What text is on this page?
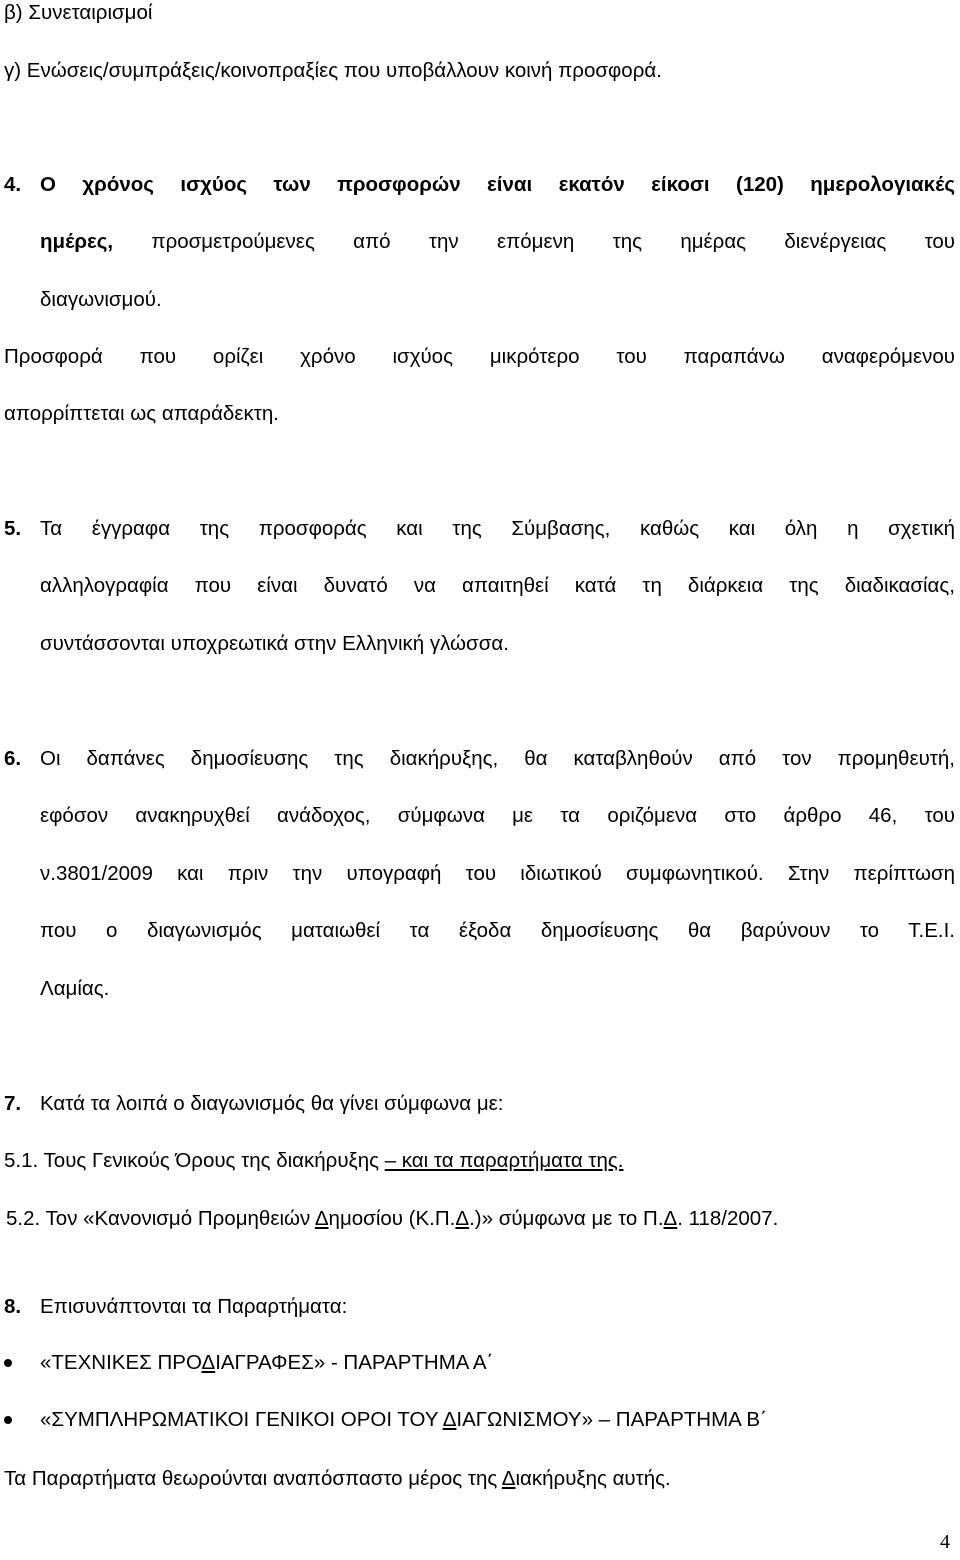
β) Συνεταιρισμοί
γ) Ενώσεις/συμπράξεις/κοινοπραξίες που υποβάλλουν κοινή προσφορά.
4. Ο χρόνος ισχύος των προσφορών είναι εκατόν είκοσι (120) ημερολογιακές
ημέρες, προσμετρούμενες από την επόμενη της ημέρας διενέργειας του
διαγωνισμού.
Προσφορά που ορίζει χρόνο ισχύος μικρότερο του παραπάνω αναφερόμενου
απορρίπτεται ως απαράδεκτη.
5. Τα έγγραφα της προσφοράς και της Σύμβασης, καθώς και όλη η σχετική
αλληλογραφία που είναι δυνατό να απαιτηθεί κατά τη διάρκεια της διαδικασίας,
συντάσσονται υποχρεωτικά στην Ελληνική γλώσσα.
6. Οι δαπάνες δημοσίευσης της διακήρυξης, θα καταβληθούν από τον προμηθευτή,
εφόσον ανακηρυχθεί ανάδοχος, σύμφωνα με τα οριζόμενα στο άρθρο 46, του
ν.3801/2009 και πριν την υπογραφή του ιδιωτικού συμφωνητικού. Στην περίπτωση
που ο διαγωνισμός ματαιωθεί τα έξοδα δημοσίευσης θα βαρύνουν το Τ.Ε.Ι.
Λαμίας.
7. Κατά τα λοιπά ο διαγωνισμός θα γίνει σύμφωνα με:
5.1. Τους Γενικούς Όρους της διακήρυξης – και τα παραρτήματα της.
5.2. Τον «Κανονισμό Προμηθειών Δημοσίου (Κ.Π.Δ.)» σύμφωνα με το Π.Δ. 118/2007.
8. Επισυνάπτονται τα Παραρτήματα:
«ΤΕΧΝΙΚΕΣ ΠΡΟΔΙΑΓΡΑΦΕΣ» - ΠΑΡΑΡΤΗΜΑ Α΄
«ΣΥΜΠΛΗΡΩΜΑΤΙΚΟΙ ΓΕΝΙΚΟΙ ΟΡΟΙ ΤΟΥ ΔΙΑΓΩΝΙΣΜΟΥ» – ΠΑΡΑΡΤΗΜΑ Β΄
Τα Παραρτήματα θεωρούνται αναπόσπαστο μέρος της Διακήρυξης αυτής.
4
